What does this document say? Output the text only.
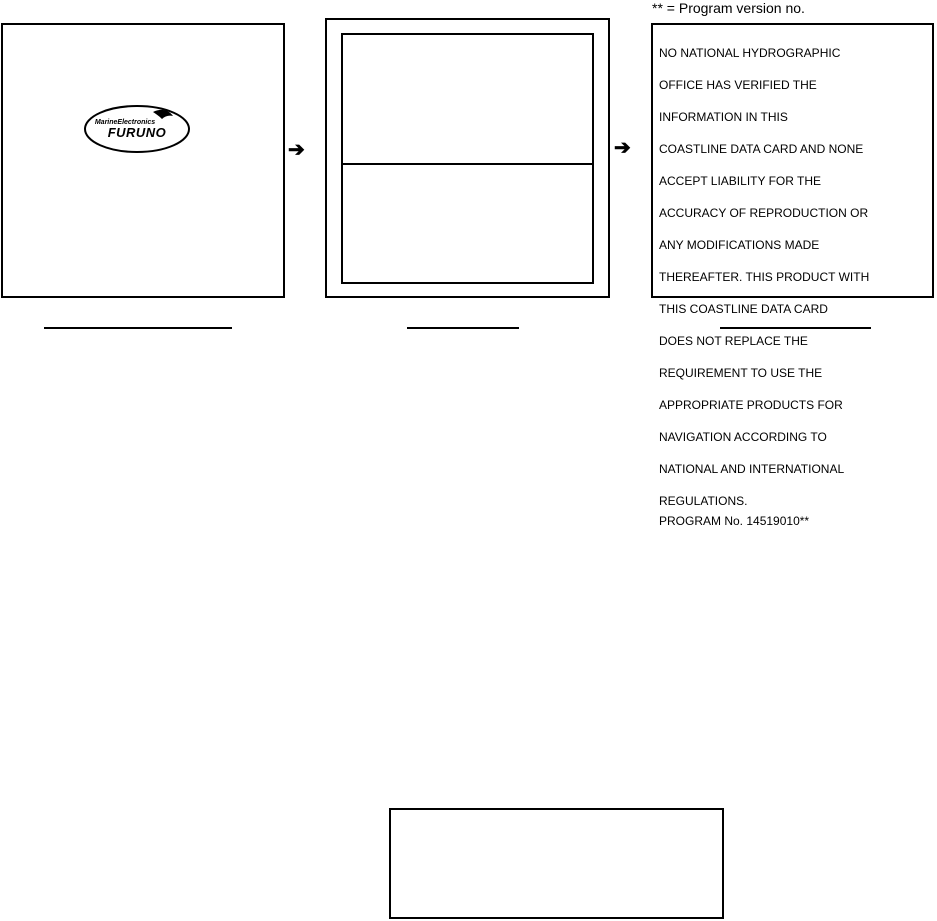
** = Program version no.
MarineElectronics
FURUNO
➔	➔

NO NATIONAL HYDROGRAPHIC

OFFICE HAS VERIFIED THE

INFORMATION IN THIS

COASTLINE DATA CARD AND NONE

ACCEPT LIABILITY FOR THE

ACCURACY OF REPRODUCTION OR

ANY MODIFICATIONS MADE

THEREAFTER. THIS PRODUCT WITH

THIS COASTLINE DATA CARD

DOES NOT REPLACE THE

REQUIREMENT TO USE THE

APPROPRIATE PRODUCTS FOR

NAVIGATION ACCORDING TO

NATIONAL AND INTERNATIONAL

REGULATIONS.

PROGRAM No. 14519010**
